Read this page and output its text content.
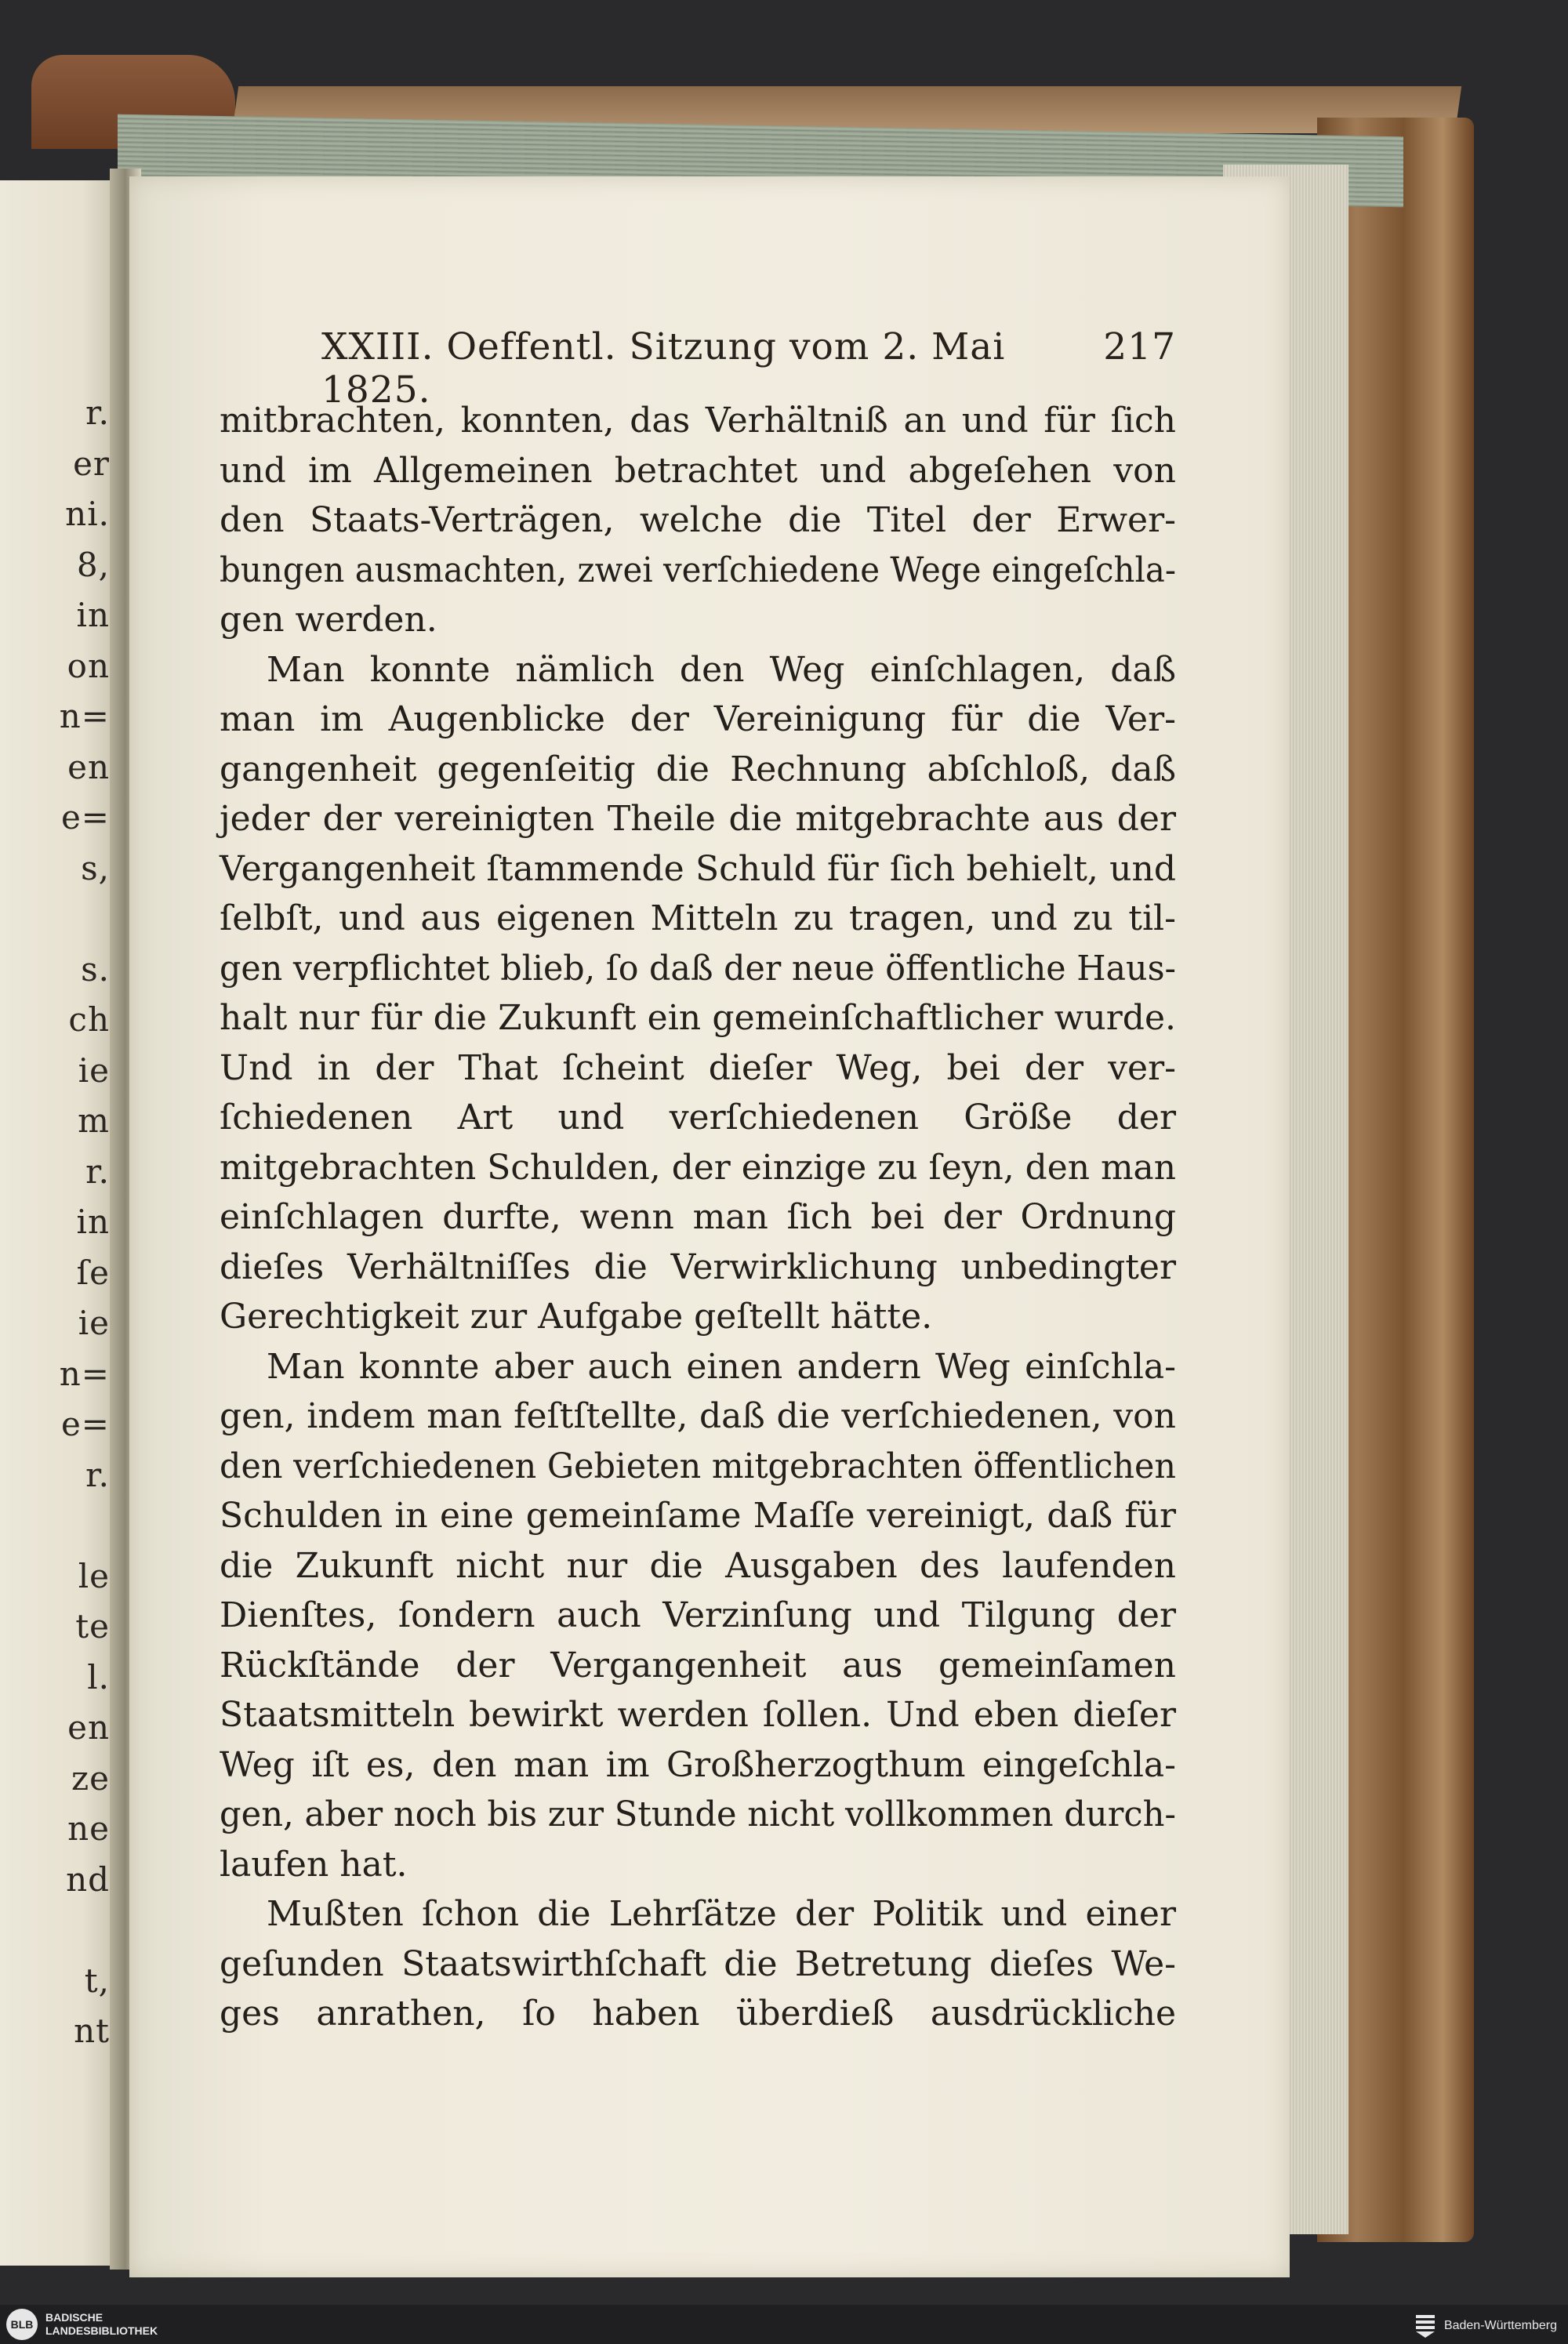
r.
er
ni.
8,
in
on
n=
en
e=
s,
s.
ch
ie
m
r.
in
ſe
ie
n=
e=
r.
le
te
l.
en
ze
ne
nd
t,
nt
XXIII. Oeffentl. Sitzung vom 2. Mai 1825.
217
mitbrachten, konnten, das Verhältniß an und für ſich
und im Allgemeinen betrachtet und abgeſehen von
den Staats-Verträgen, welche die Titel der Erwer-
bungen ausmachten, zwei verſchiedene Wege eingeſchla-
gen werden.
Man konnte nämlich den Weg einſchlagen, daß
man im Augenblicke der Vereinigung für die Ver-
gangenheit gegenſeitig die Rechnung abſchloß, daß
jeder der vereinigten Theile die mitgebrachte aus der
Vergangenheit ſtammende Schuld für ſich behielt, und
ſelbſt, und aus eigenen Mitteln zu tragen, und zu til-
gen verpflichtet blieb, ſo daß der neue öffentliche Haus-
halt nur für die Zukunft ein gemeinſchaftlicher wurde.
Und in der That ſcheint dieſer Weg, bei der ver-
ſchiedenen Art und verſchiedenen Größe der
mitgebrachten Schulden, der einzige zu ſeyn, den man
einſchlagen durfte, wenn man ſich bei der Ordnung
dieſes Verhältniſſes die Verwirklichung unbedingter
Gerechtigkeit zur Aufgabe geſtellt hätte.
Man konnte aber auch einen andern Weg einſchla-
gen, indem man feſtſtellte, daß die verſchiedenen, von
den verſchiedenen Gebieten mitgebrachten öffentlichen
Schulden in eine gemeinſame Maſſe vereinigt, daß für
die Zukunft nicht nur die Ausgaben des laufenden
Dienſtes, ſondern auch Verzinſung und Tilgung der
Rückſtände der Vergangenheit aus gemeinſamen
Staatsmitteln bewirkt werden ſollen. Und eben dieſer
Weg iſt es, den man im Großherzogthum eingeſchla-
gen, aber noch bis zur Stunde nicht vollkommen durch-
laufen hat.
Mußten ſchon die Lehrſätze der Politik und einer
geſunden Staatswirthſchaft die Betretung dieſes We-
ges anrathen, ſo haben überdieß ausdrückliche
BLB
BADISCHE
LANDESBIBLIOTHEK	Baden-Württemberg
